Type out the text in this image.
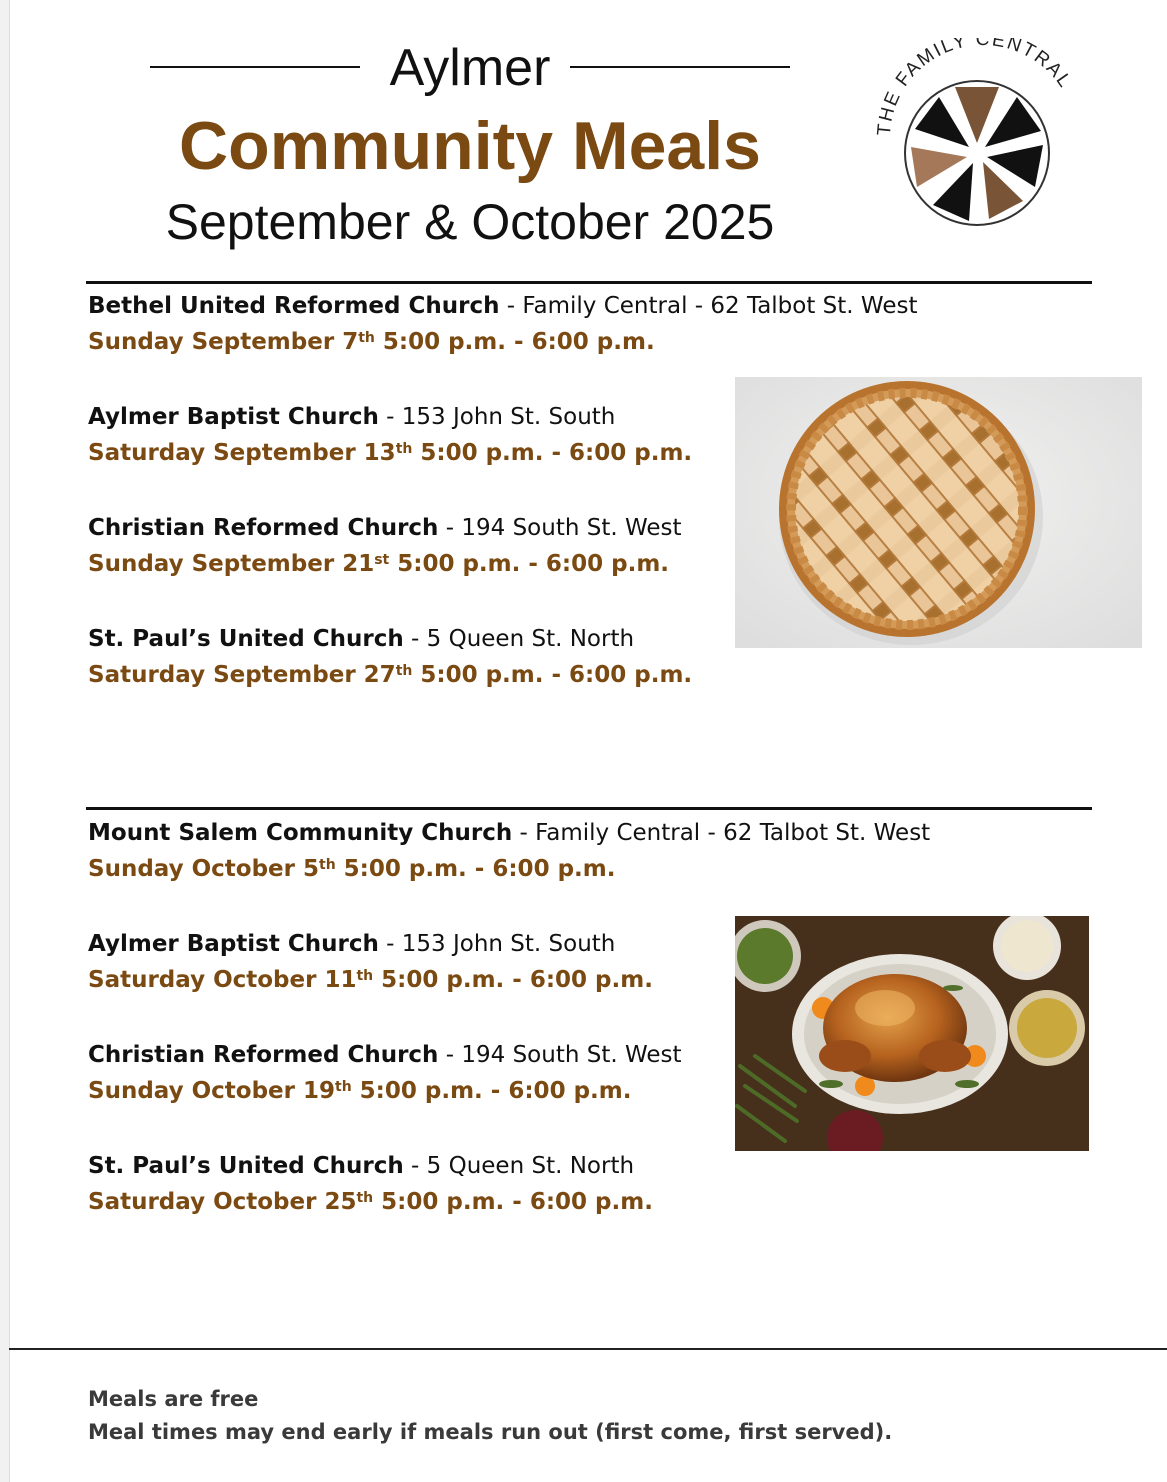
Aylmer
Community Meals
September & October 2025
THE FAMILY CENTRAL
Bethel United Reformed Church - Family Central - 62 Talbot St. West
Sunday September 7th 5:00 p.m. - 6:00 p.m.
Aylmer Baptist Church - 153 John St. South
Saturday September 13th 5:00 p.m. - 6:00 p.m.
Christian Reformed Church - 194 South St. West
Sunday September 21st 5:00 p.m. - 6:00 p.m.
St. Paul’s United Church - 5 Queen St. North
Saturday September 27th 5:00 p.m. - 6:00 p.m.
Mount Salem Community Church - Family Central - 62 Talbot St. West
Sunday October 5th 5:00 p.m. - 6:00 p.m.
Aylmer Baptist Church - 153 John St. South
Saturday October 11th 5:00 p.m. - 6:00 p.m.
Christian Reformed Church - 194 South St. West
Sunday October 19th 5:00 p.m. - 6:00 p.m.
St. Paul’s United Church - 5 Queen St. North
Saturday October 25th 5:00 p.m. - 6:00 p.m.
Meals are free
Meal times may end early if meals run out (first come, first served).
